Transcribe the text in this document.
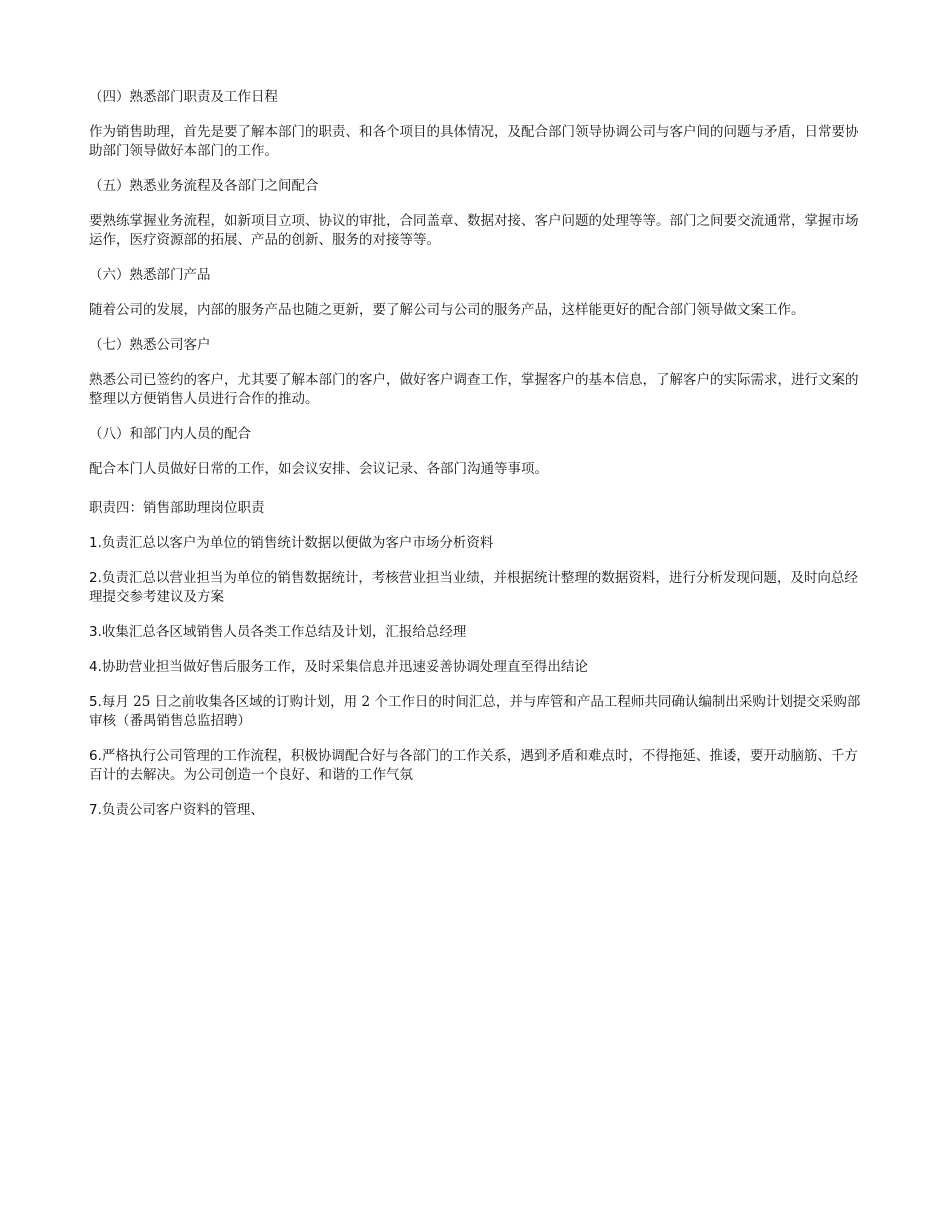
（四）熟悉部门职责及工作日程

作为销售助理，首先是要了解本部门的职责、和各个项目的具体情况，及配合部门领导协调公司与客户间的问题与矛盾，日常要协助部门领导做好本部门的工作。

（五）熟悉业务流程及各部门之间配合

要熟练掌握业务流程，如新项目立项、协议的审批，合同盖章、数据对接、客户问题的处理等等。部门之间要交流通常，掌握市场运作，医疗资源部的拓展、产品的创新、服务的对接等等。

（六）熟悉部门产品

随着公司的发展，内部的服务产品也随之更新，要了解公司与公司的服务产品，这样能更好的配合部门领导做文案工作。

（七）熟悉公司客户

熟悉公司已签约的客户，尤其要了解本部门的客户，做好客户调查工作，掌握客户的基本信息，了解客户的实际需求，进行文案的整理以方便销售人员进行合作的推动。

（八）和部门内人员的配合

配合本门人员做好日常的工作，如会议安排、会议记录、各部门沟通等事项。

职责四：销售部助理岗位职责

1.负责汇总以客户为单位的销售统计数据以便做为客户市场分析资料

2.负责汇总以营业担当为单位的销售数据统计，考核营业担当业绩，并根据统计整理的数据资料，进行分析发现问题，及时向总经理提交参考建议及方案

3.收集汇总各区域销售人员各类工作总结及计划，汇报给总经理

4.协助营业担当做好售后服务工作，及时采集信息并迅速妥善协调处理直至得出结论

5.每月 25 日之前收集各区域的订购计划，用 2 个工作日的时间汇总，并与库管和产品工程师共同确认编制出采购计划提交采购部审核（番禺销售总监招聘）

6.严格执行公司管理的工作流程，积极协调配合好与各部门的工作关系，遇到矛盾和难点时，不得拖延、推诿，要开动脑筋、千方百计的去解决。为公司创造一个良好、和谐的工作气氛

7.负责公司客户资料的管理、
